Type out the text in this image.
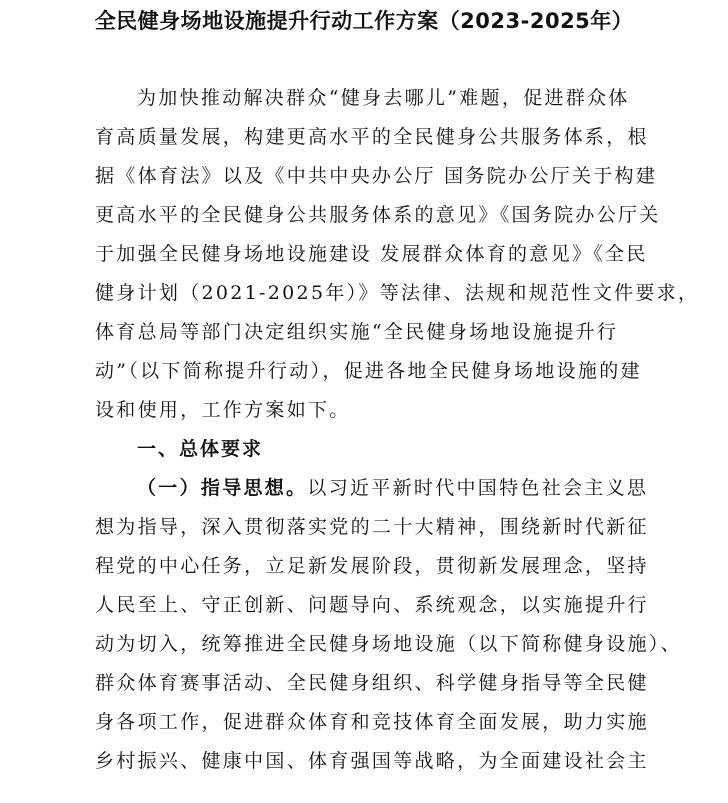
全民健身场地设施提升行动工作方案（2023-2025年）
为加快推动解决群众“健身去哪儿”难题，促进群众体
育高质量发展，构建更高水平的全民健身公共服务体系，根
据《体育法》以及《中共中央办公厅 国务院办公厅关于构建
更高水平的全民健身公共服务体系的意见》《国务院办公厅关
于加强全民健身场地设施建设 发展群众体育的意见》《全民
健身计划（2021-2025年）》等法律、法规和规范性文件要求，
体育总局等部门决定组织实施“全民健身场地设施提升行
动”（以下简称提升行动），促进各地全民健身场地设施的建
设和使用，工作方案如下。
一、总体要求
（一）指导思想。以习近平新时代中国特色社会主义思
想为指导，深入贯彻落实党的二十大精神，围绕新时代新征
程党的中心任务，立足新发展阶段，贯彻新发展理念，坚持
人民至上、守正创新、问题导向、系统观念，以实施提升行
动为切入，统筹推进全民健身场地设施（以下简称健身设施）、
群众体育赛事活动、全民健身组织、科学健身指导等全民健
身各项工作，促进群众体育和竞技体育全面发展，助力实施
乡村振兴、健康中国、体育强国等战略，为全面建设社会主
